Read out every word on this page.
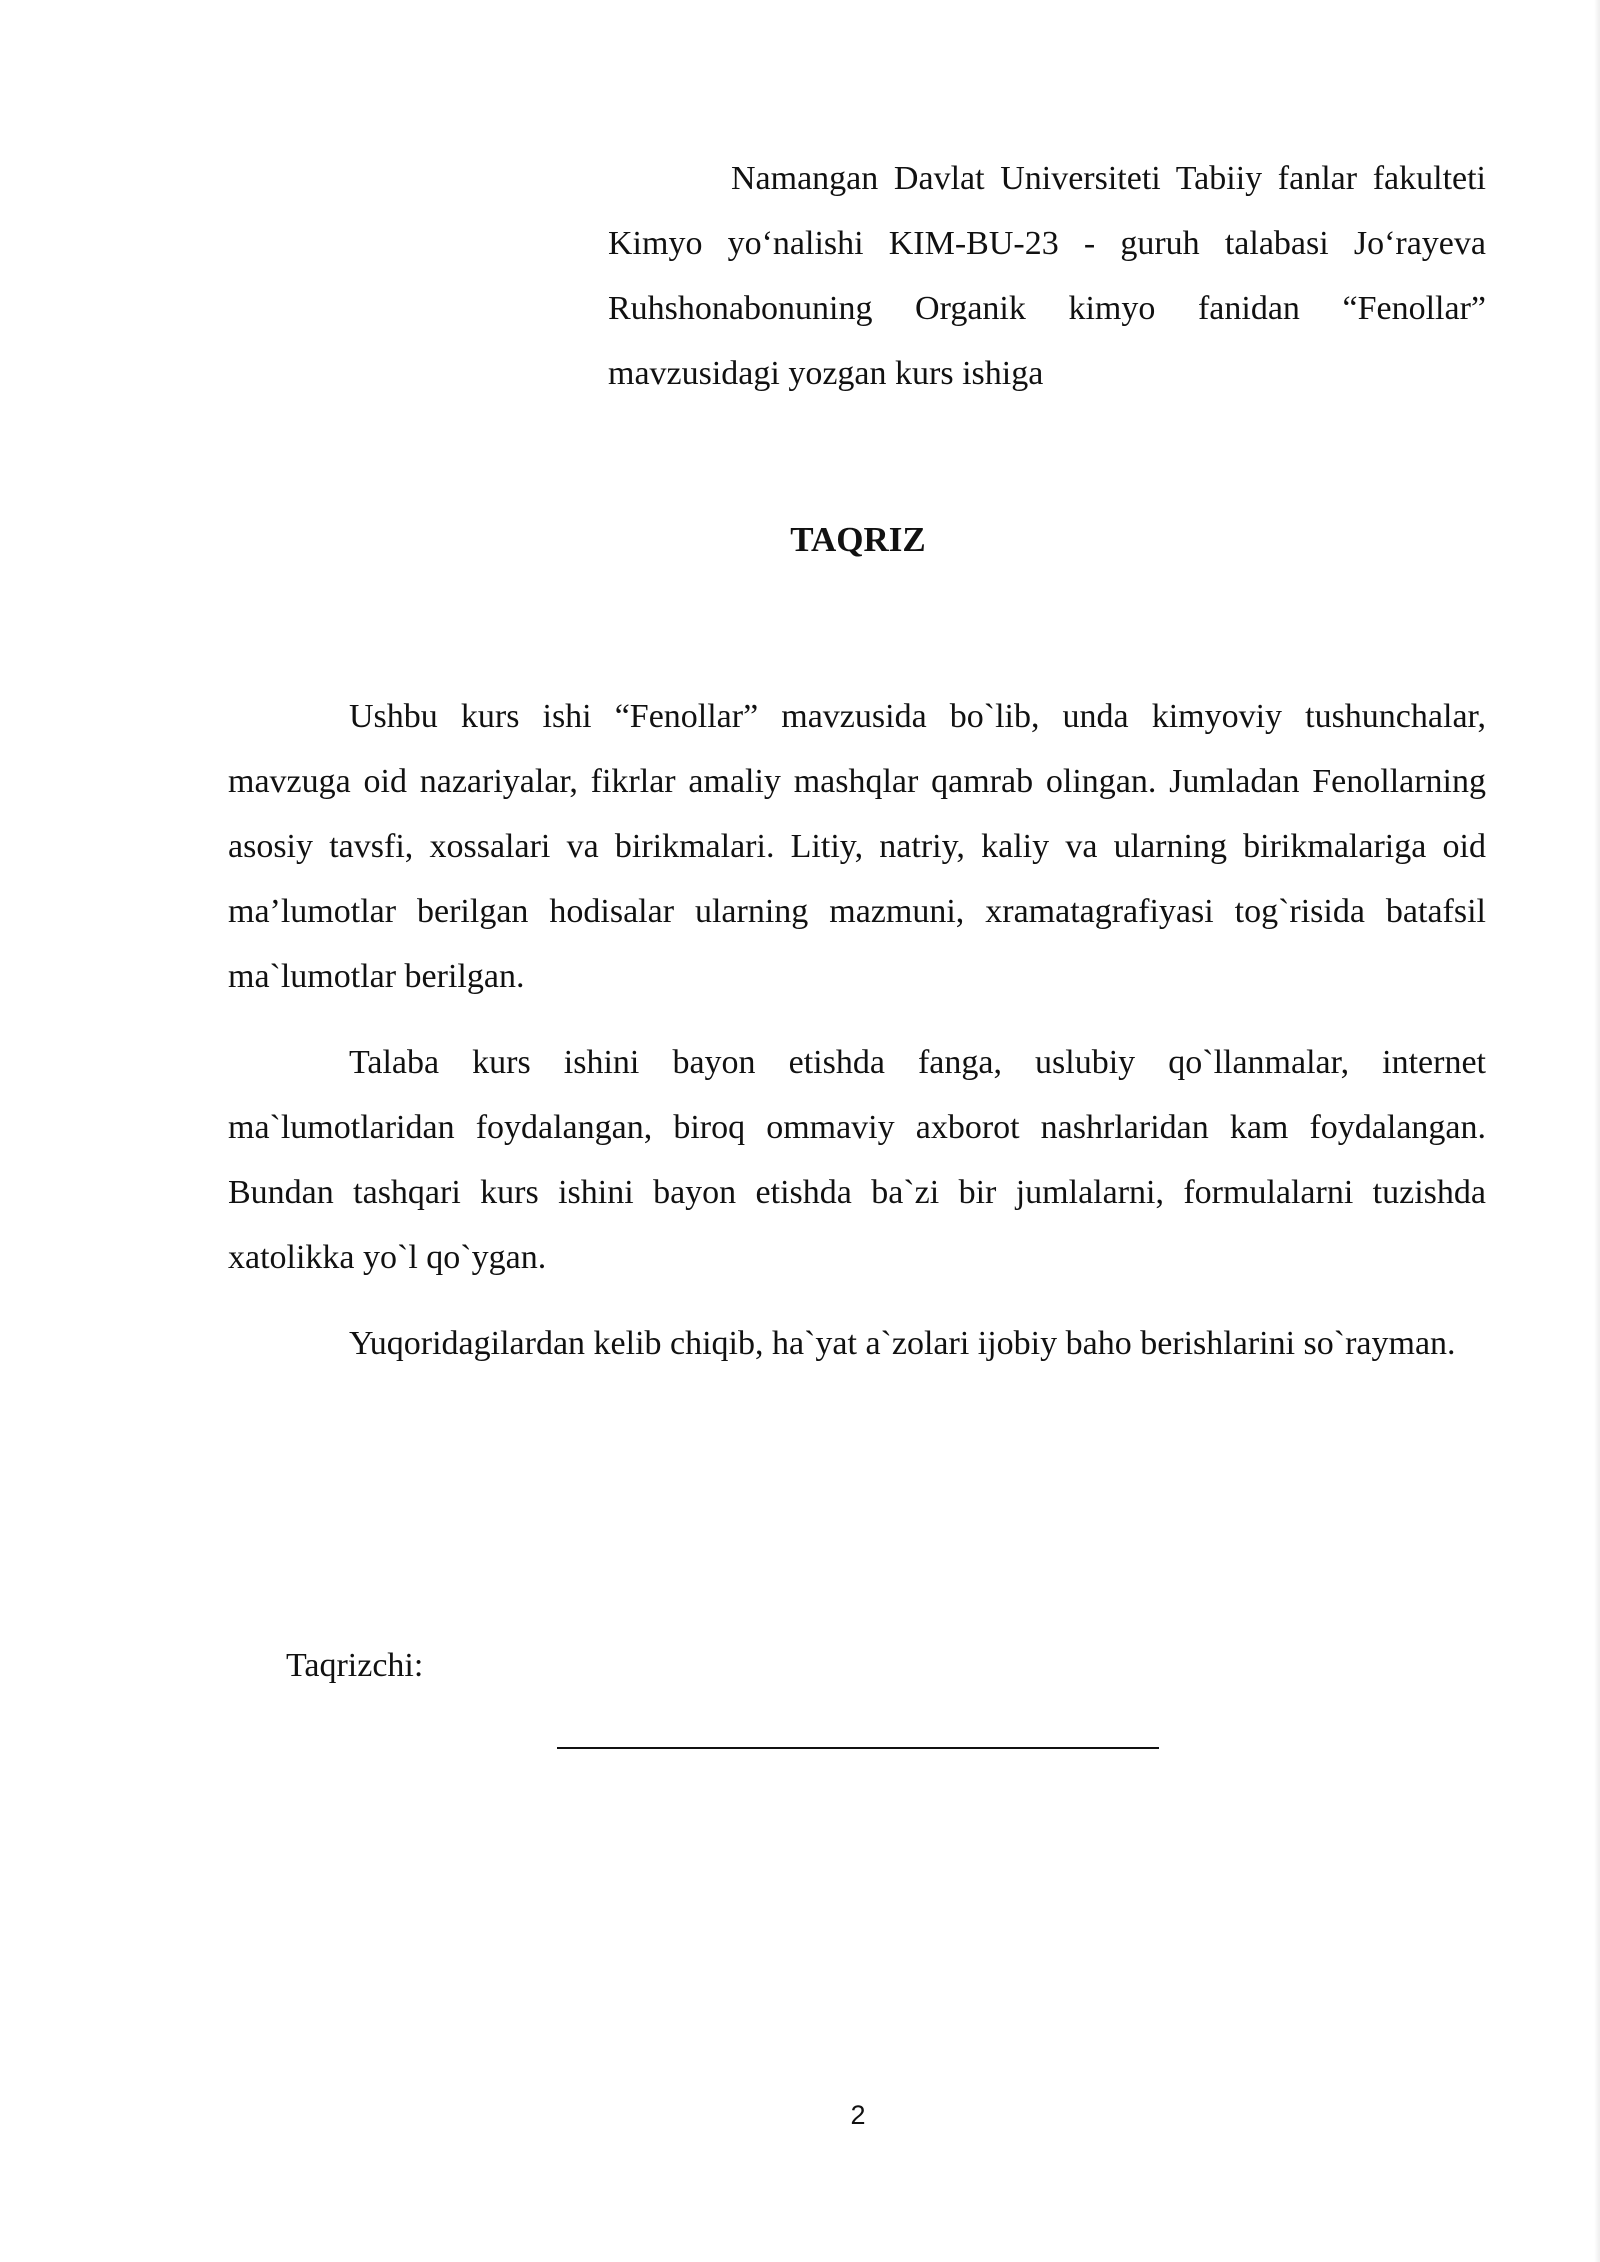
Namangan Davlat Universiteti Tabiiy fanlar fakulteti Kimyo yo‘nalishi KIM-BU-23 - guruh talabasi Jo‘rayeva Ruhshonabonuning Organik kimyo fanidan “Fenollar” mavzusidagi yozgan kurs ishiga
TAQRIZ

Ushbu kurs ishi “Fenollar” mavzusida bo`lib, unda kimyoviy tushunchalar, mavzuga oid nazariyalar, fikrlar amaliy mashqlar qamrab olingan. Jumladan Fenollarning asosiy tavsfi, xossalari va birikmalari. Litiy, natriy, kaliy va ularning birikmalariga oid ma’lumotlar berilgan hodisalar ularning mazmuni, xramatagrafiyasi tog`risida batafsil ma`lumotlar berilgan.

Talaba kurs ishini bayon etishda fanga, uslubiy qo`llanmalar, internet ma`lumotlaridan foydalangan, biroq ommaviy axborot nashrlaridan kam foydalangan. Bundan tashqari kurs ishini bayon etishda ba`zi bir jumlalarni, formulalarni tuzishda xatolikka yo`l qo`ygan.

Yuqoridagilardan kelib chiqib, ha`yat a`zolari ijobiy baho berishlarini so`rayman.

Taqrizchi:
2
